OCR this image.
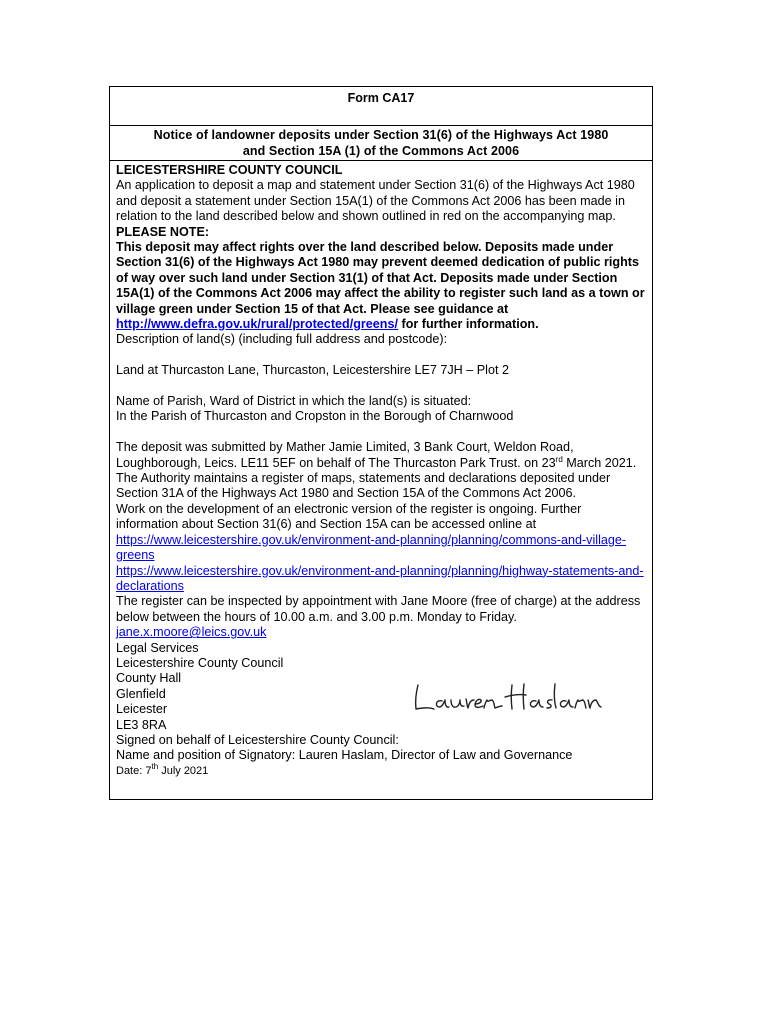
Form CA17
Notice of landowner deposits under Section 31(6) of the Highways Act 1980
and Section 15A (1) of the Commons Act 2006

LEICESTERSHIRE COUNTY COUNCIL

An application to deposit a map and statement under Section 31(6) of the Highways Act 1980 and deposit a statement under Section 15A(1) of the Commons Act 2006 has been made in relation to the land described below and shown outlined in red on the accompanying map.

PLEASE NOTE:

This deposit may affect rights over the land described below. Deposits made under Section 31(6) of the Highways Act 1980 may prevent deemed dedication of public rights of way over such land under Section 31(1) of that Act. Deposits made under Section 15A(1) of the Commons Act 2006 may affect the ability to register such land as a town or village green under Section 15 of that Act. Please see guidance at
http://www.defra.gov.uk/rural/protected/greens/ for further information.

Description of land(s) (including full address and postcode):

Land at Thurcaston Lane, Thurcaston, Leicestershire LE7 7JH – Plot 2

Name of Parish, Ward of District in which the land(s) is situated:

In the Parish of Thurcaston and Cropston in the Borough of Charnwood

The deposit was submitted by Mather Jamie Limited, 3 Bank Court, Weldon Road, Loughborough, Leics. LE11 5EF on behalf of The Thurcaston Park Trust. on 23rd March 2021.

The Authority maintains a register of maps, statements and declarations deposited under Section 31A of the Highways Act 1980 and Section 15A of the Commons Act 2006.

Work on the development of an electronic version of the register is ongoing. Further information about Section 31(6) and Section 15A can be accessed online at

https://www.leicestershire.gov.uk/environment-and-planning/planning/commons-and-village-greens

https://www.leicestershire.gov.uk/environment-and-planning/planning/highway-statements-and-declarations

The register can be inspected by appointment with Jane Moore (free of charge) at the address below between the hours of 10.00 a.m. and 3.00 p.m. Monday to Friday.

jane.x.moore@leics.gov.uk

Legal Services

Leicestershire County Council

County Hall

Glenfield

Leicester

LE3 8RA

Signed on behalf of Leicestershire County Council:

Name and position of Signatory: Lauren Haslam, Director of Law and Governance

Date: 7th July 2021
